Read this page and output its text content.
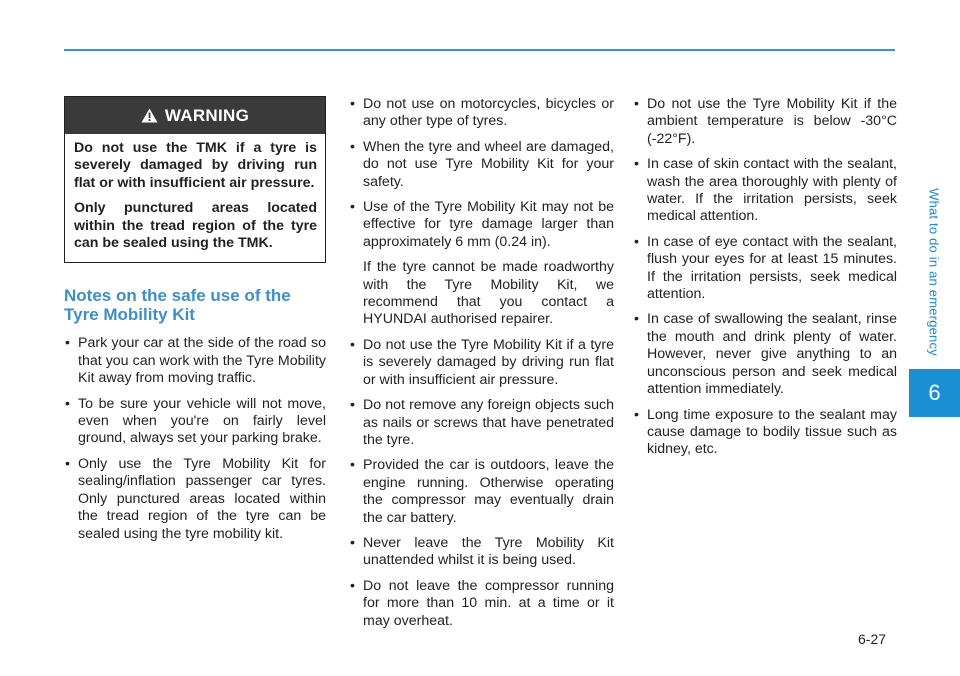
What to do in an emergency
6
WARNING

Do not use the TMK if a tyre is severely damaged by driving run flat or with insufficient air pressure.

Only punctured areas located within the tread region of the tyre can be sealed using the TMK.

Notes on the safe use of the Tyre Mobility Kit
• Park your car at the side of the road so that you can work with the Tyre Mobility Kit away from moving traffic.
• To be sure your vehicle will not move, even when you're on fairly level ground, always set your parking brake.
• Only use the Tyre Mobility Kit for sealing/inflation passenger car tyres. Only punctured areas located within the tread region of the tyre can be sealed using the tyre mobility kit.
• Do not use on motorcycles, bicycles or any other type of tyres.
• When the tyre and wheel are damaged, do not use Tyre Mobility Kit for your safety.
• Use of the Tyre Mobility Kit may not be effective for tyre damage larger than approximately 6 mm (0.24 in).
If the tyre cannot be made roadworthy with the Tyre Mobility Kit, we recommend that you contact a HYUNDAI authorised repairer.
• Do not use the Tyre Mobility Kit if a tyre is severely damaged by driving run flat or with insufficient air pressure.
• Do not remove any foreign objects such as nails or screws that have penetrated the tyre.
• Provided the car is outdoors, leave the engine running. Otherwise operating the compressor may eventually drain the car battery.
• Never leave the Tyre Mobility Kit unattended whilst it is being used.
• Do not leave the compressor running for more than 10 min. at a time or it may overheat.
• Do not use the Tyre Mobility Kit if the ambient temperature is below -30°C (-22°F).
• In case of skin contact with the sealant, wash the area thoroughly with plenty of water. If the irritation persists, seek medical attention.
• In case of eye contact with the sealant, flush your eyes for at least 15 minutes. If the irritation persists, seek medical attention.
• In case of swallowing the sealant, rinse the mouth and drink plenty of water. However, never give anything to an unconscious person and seek medical attention immediately.
• Long time exposure to the sealant may cause damage to bodily tissue such as kidney, etc.
6-27
